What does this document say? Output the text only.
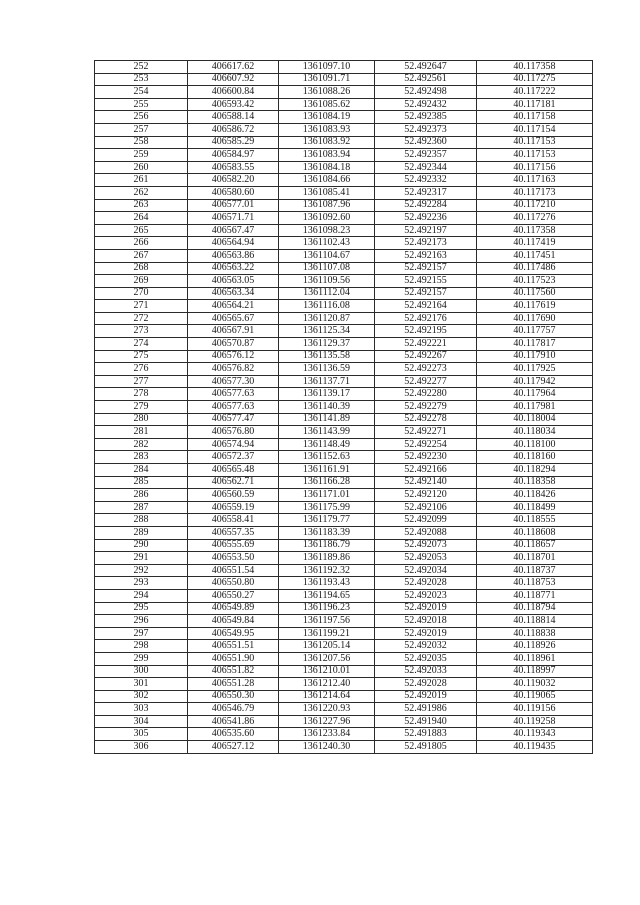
252	406617.62	1361097.10	52.492647	40.117358
253	406607.92	1361091.71	52.492561	40.117275
254	406600.84	1361088.26	52.492498	40.117222
255	406593.42	1361085.62	52.492432	40.117181
256	406588.14	1361084.19	52.492385	40.117158
257	406586.72	1361083.93	52.492373	40.117154
258	406585.29	1361083.92	52.492360	40.117153
259	406584.97	1361083.94	52.492357	40.117153
260	406583.55	1361084.18	52.492344	40.117156
261	406582.20	1361084.66	52.492332	40.117163
262	406580.60	1361085.41	52.492317	40.117173
263	406577.01	1361087.96	52.492284	40.117210
264	406571.71	1361092.60	52.492236	40.117276
265	406567.47	1361098.23	52.492197	40.117358
266	406564.94	1361102.43	52.492173	40.117419
267	406563.86	1361104.67	52.492163	40.117451
268	406563.22	1361107.08	52.492157	40.117486
269	406563.05	1361109.56	52.492155	40.117523
270	406563.34	1361112.04	52.492157	40.117560
271	406564.21	1361116.08	52.492164	40.117619
272	406565.67	1361120.87	52.492176	40.117690
273	406567.91	1361125.34	52.492195	40.117757
274	406570.87	1361129.37	52.492221	40.117817
275	406576.12	1361135.58	52.492267	40.117910
276	406576.82	1361136.59	52.492273	40.117925
277	406577.30	1361137.71	52.492277	40.117942
278	406577.63	1361139.17	52.492280	40.117964
279	406577.63	1361140.39	52.492279	40.117981
280	406577.47	1361141.89	52.492278	40.118004
281	406576.80	1361143.99	52.492271	40.118034
282	406574.94	1361148.49	52.492254	40.118100
283	406572.37	1361152.63	52.492230	40.118160
284	406565.48	1361161.91	52.492166	40.118294
285	406562.71	1361166.28	52.492140	40.118358
286	406560.59	1361171.01	52.492120	40.118426
287	406559.19	1361175.99	52.492106	40.118499
288	406558.41	1361179.77	52.492099	40.118555
289	406557.35	1361183.39	52.492088	40.118608
290	406555.69	1361186.79	52.492073	40.118657
291	406553.50	1361189.86	52.492053	40.118701
292	406551.54	1361192.32	52.492034	40.118737
293	406550.80	1361193.43	52.492028	40.118753
294	406550.27	1361194.65	52.492023	40.118771
295	406549.89	1361196.23	52.492019	40.118794
296	406549.84	1361197.56	52.492018	40.118814
297	406549.95	1361199.21	52.492019	40.118838
298	406551.51	1361205.14	52.492032	40.118926
299	406551.90	1361207.56	52.492035	40.118961
300	406551.82	1361210.01	52.492033	40.118997
301	406551.28	1361212.40	52.492028	40.119032
302	406550.30	1361214.64	52.492019	40.119065
303	406546.79	1361220.93	52.491986	40.119156
304	406541.86	1361227.96	52.491940	40.119258
305	406535.60	1361233.84	52.491883	40.119343
306	406527.12	1361240.30	52.491805	40.119435
